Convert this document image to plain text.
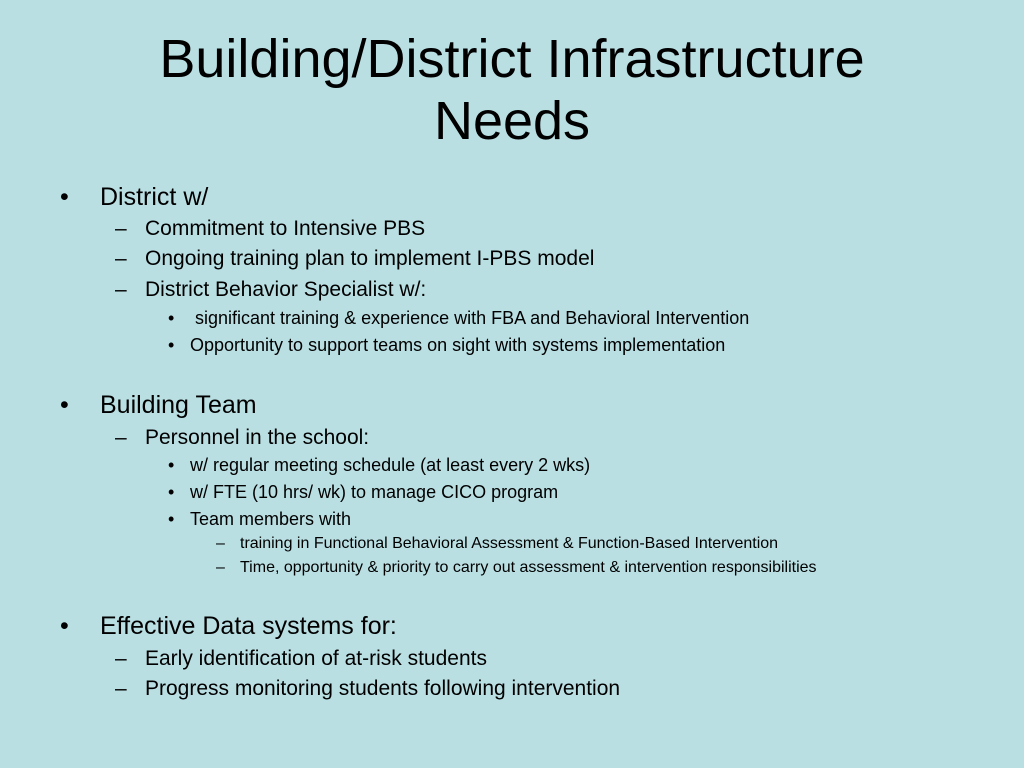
Building/District Infrastructure
Needs
• District w/
– Commitment to Intensive PBS
– Ongoing training plan to implement I-PBS model
– District Behavior Specialist w/:
• significant training & experience with FBA and Behavioral Intervention
• Opportunity to support teams on sight with systems implementation
• Building Team
– Personnel in the school:
• w/ regular meeting schedule (at least every 2 wks)
• w/ FTE (10 hrs/ wk) to manage CICO program
• Team members with
– training in Functional Behavioral Assessment & Function-Based Intervention
– Time, opportunity & priority to carry out assessment & intervention responsibilities
• Effective Data systems for:
– Early identification of at-risk students
– Progress monitoring students following intervention
